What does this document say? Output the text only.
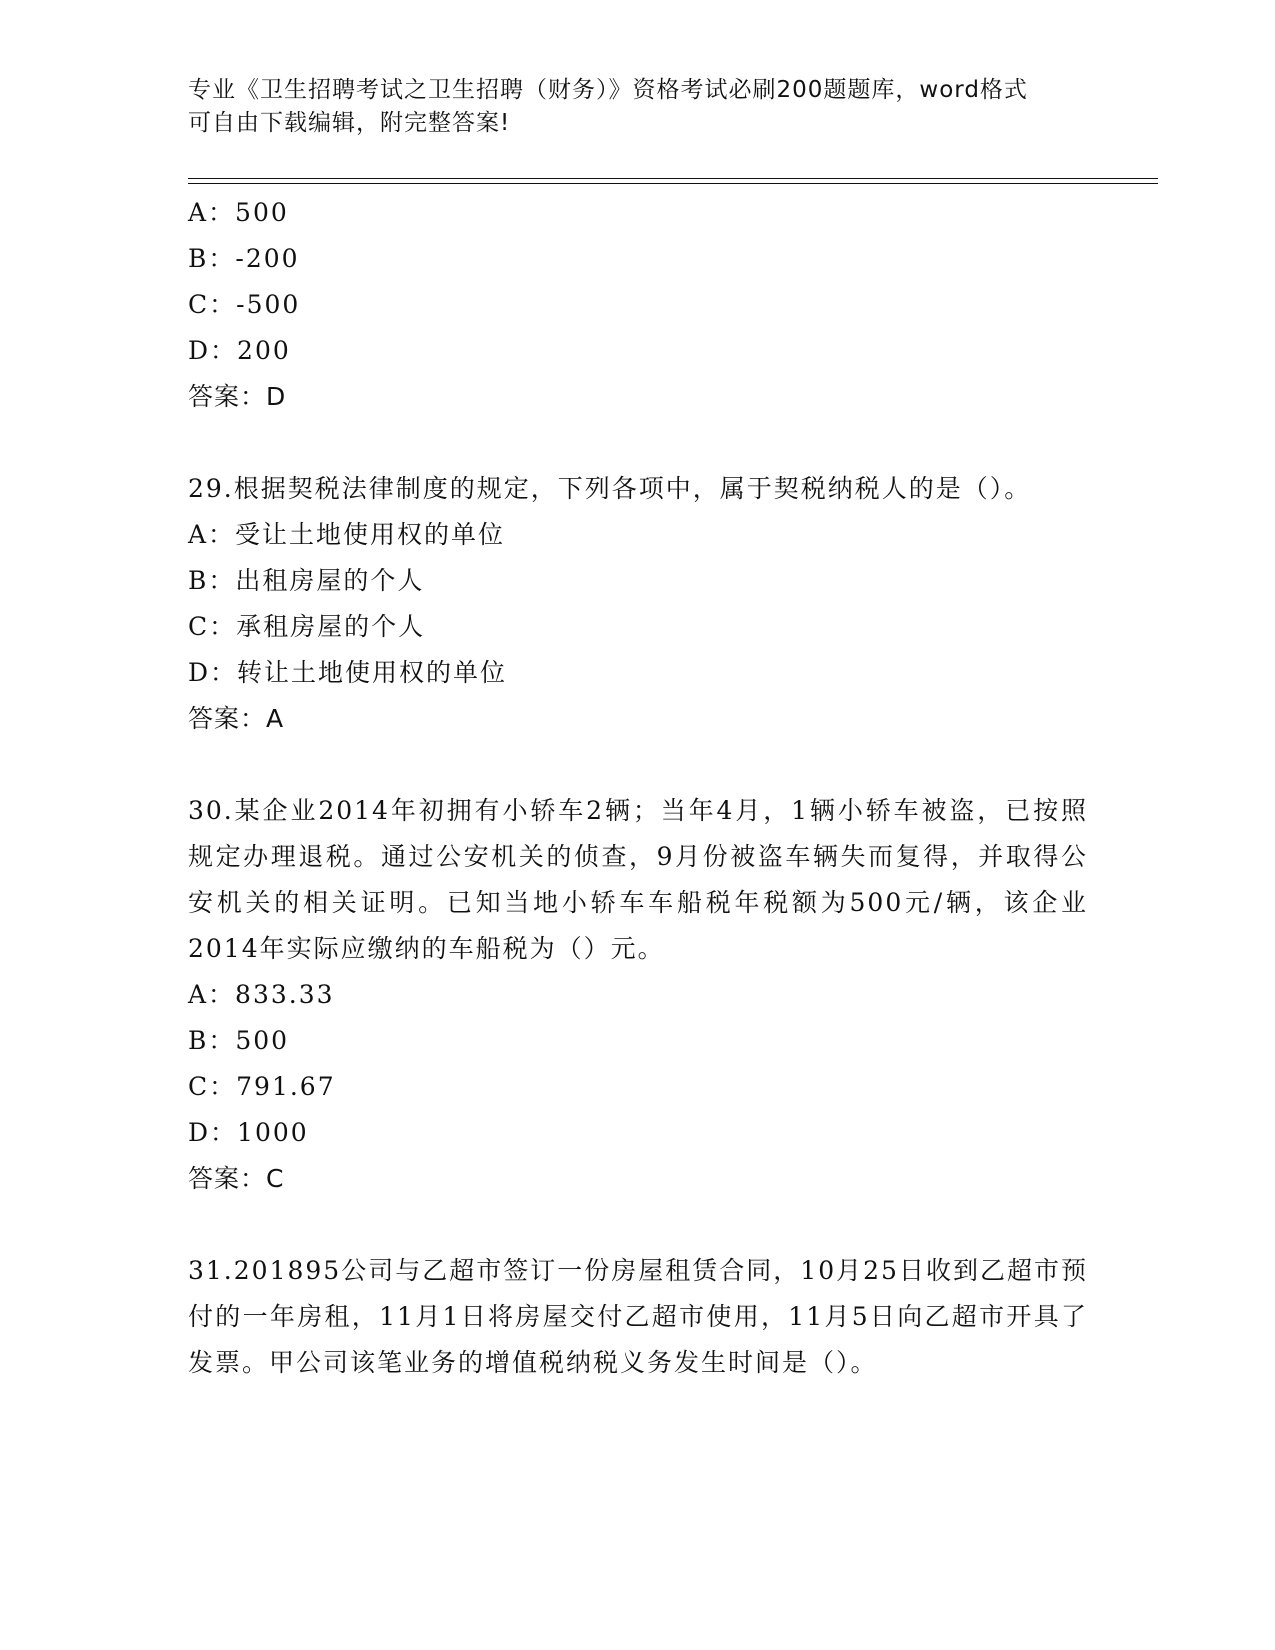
专业《卫生招聘考试之卫生招聘（财务）》资格考试必刷200题题库，word格式
可自由下载编辑，附完整答案!
A：500
B：-200
C：-500
D：200
答案：D
29.根据契税法律制度的规定，下列各项中，属于契税纳税人的是（）。
A：受让土地使用权的单位
B：出租房屋的个人
C：承租房屋的个人
D：转让土地使用权的单位
答案：A
30.某企业2014年初拥有小轿车2辆；当年4月，1辆小轿车被盗，已按照规定办理退税。通过公安机关的侦查，9月份被盗车辆失而复得，并取得公安机关的相关证明。已知当地小轿车车船税年税额为500元/辆，该企业2014年实际应缴纳的车船税为（）元。
A：833.33
B：500
C：791.67
D：1000
答案：C
31.201895公司与乙超市签订一份房屋租赁合同，10月25日收到乙超市预付的一年房租，11月1日将房屋交付乙超市使用，11月5日向乙超市开具了发票。甲公司该笔业务的增值税纳税义务发生时间是（）。
